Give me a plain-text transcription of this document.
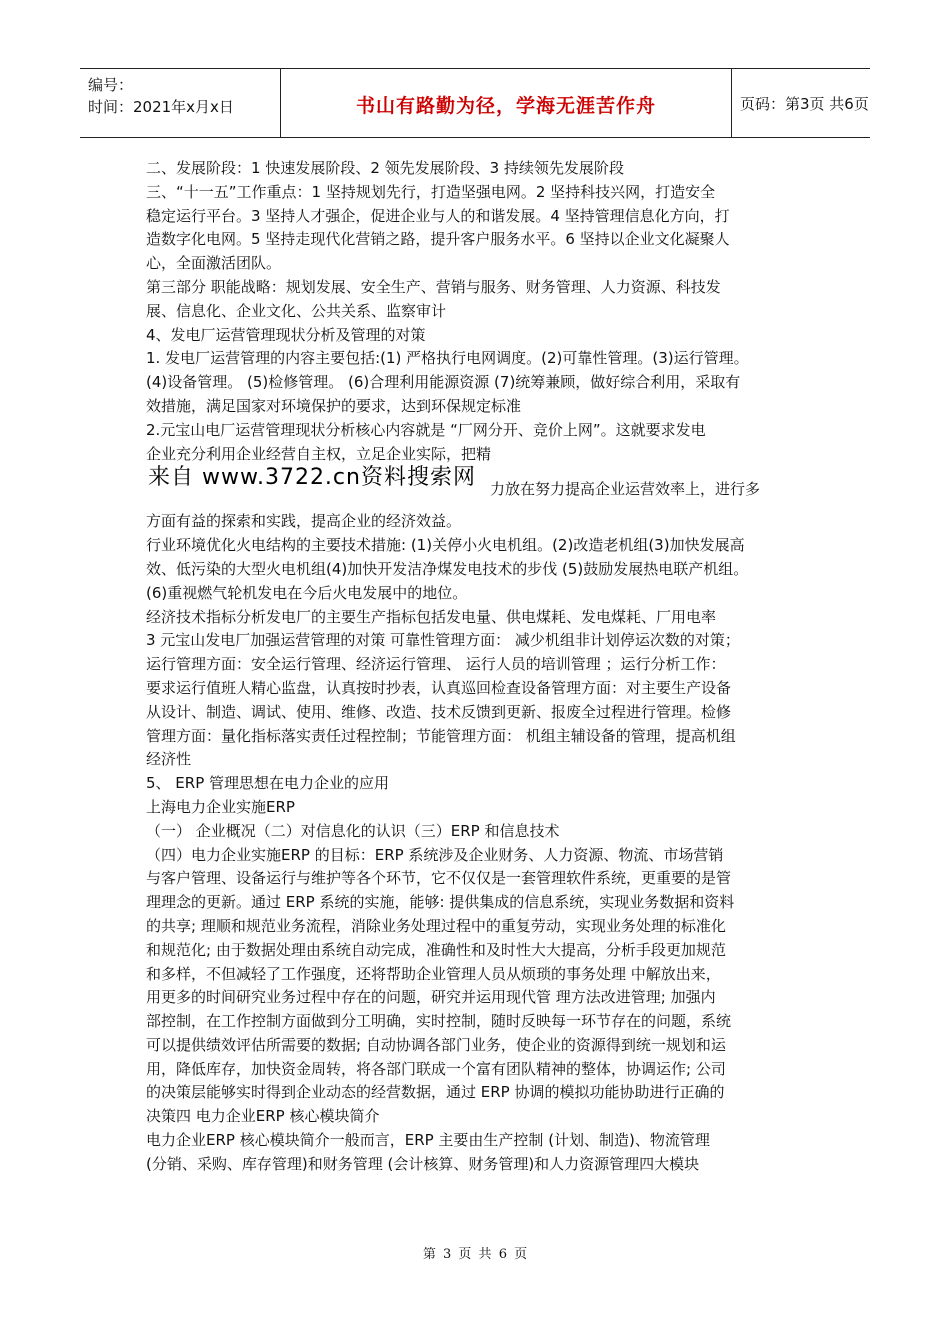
编号：
时间：2021年x月x日	书山有路勤为径，学海无涯苦作舟	页码：第3页 共6页

二、发展阶段：1 快速发展阶段、2 领先发展阶段、3 持续领先发展阶段

三、“十一五”工作重点：1 坚持规划先行，打造坚强电网。2 坚持科技兴网，打造安全

稳定运行平台。3 坚持人才强企，促进企业与人的和谐发展。4 坚持管理信息化方向，打

造数字化电网。5 坚持走现代化营销之路，提升客户服务水平。6 坚持以企业文化凝聚人

心，全面激活团队。

第三部分 职能战略：规划发展、安全生产、营销与服务、财务管理、人力资源、科技发

展、信息化、企业文化、公共关系、监察审计

4、发电厂运营管理现状分析及管理的对策

1. 发电厂运营管理的内容主要包括:(1) 严格执行电网调度。(2)可靠性管理。(3)运行管理。

(4)设备管理。 (5)检修管理。 (6)合理利用能源资源 (7)统筹兼顾，做好综合利用，采取有

效措施，满足国家对环境保护的要求，达到环保规定标准

2.元宝山电厂运营管理现状分析核心内容就是 “厂网分开、竞价上网”。这就要求发电

企业充分利用企业经营自主权，立足企业实际，把精

来自 www.3722.cn资料搜索网 力放在努力提高企业运营效率上，进行多

方面有益的探索和实践，提高企业的经济效益。

行业环境优化火电结构的主要技术措施: (1)关停小火电机组。(2)改造老机组(3)加快发展高

效、低污染的大型火电机组(4)加快开发洁净煤发电技术的步伐 (5)鼓励发展热电联产机组。

(6)重视燃气轮机发电在今后火电发展中的地位。

经济技术指标分析发电厂的主要生产指标包括发电量、供电煤耗、发电煤耗、厂用电率

3 元宝山发电厂加强运营管理的对策 可靠性管理方面： 减少机组非计划停运次数的对策；

运行管理方面：安全运行管理、经济运行管理、 运行人员的培训管理 ；运行分析工作：

要求运行值班人精心监盘，认真按时抄表，认真巡回检查设备管理方面：对主要生产设备

从设计、制造、调试、使用、维修、改造、技术反馈到更新、报废全过程进行管理。检修

管理方面：量化指标落实责任过程控制；节能管理方面： 机组主辅设备的管理，提高机组

经济性

5、 ERP 管理思想在电力企业的应用

上海电力企业实施ERP

（一） 企业概况（二）对信息化的认识（三）ERP 和信息技术

（四）电力企业实施ERP 的目标：ERP 系统涉及企业财务、人力资源、物流、市场营销

与客户管理、设备运行与维护等各个环节，它不仅仅是一套管理软件系统，更重要的是管

理理念的更新。通过 ERP 系统的实施，能够: 提供集成的信息系统，实现业务数据和资料

的共享; 理顺和规范业务流程，消除业务处理过程中的重复劳动，实现业务处理的标准化

和规范化; 由于数据处理由系统自动完成，准确性和及时性大大提高，分析手段更加规范

和多样，不但减轻了工作强度，还将帮助企业管理人员从烦琐的事务处理 中解放出来，

用更多的时间研究业务过程中存在的问题，研究并运用现代管 理方法改进管理; 加强内

部控制，在工作控制方面做到分工明确，实时控制，随时反映每一环节存在的问题，系统

可以提供绩效评估所需要的数据; 自动协调各部门业务，使企业的资源得到统一规划和运

用，降低库存，加快资金周转，将各部门联成一个富有团队精神的整体，协调运作; 公司

的决策层能够实时得到企业动态的经营数据，通过 ERP 协调的模拟功能协助进行正确的

决策四 电力企业ERP 核心模块简介

电力企业ERP 核心模块简介一般而言，ERP 主要由生产控制 (计划、制造)、物流管理

(分销、采购、库存管理)和财务管理 (会计核算、财务管理)和人力资源管理四大模块

第 3 页 共 6 页
